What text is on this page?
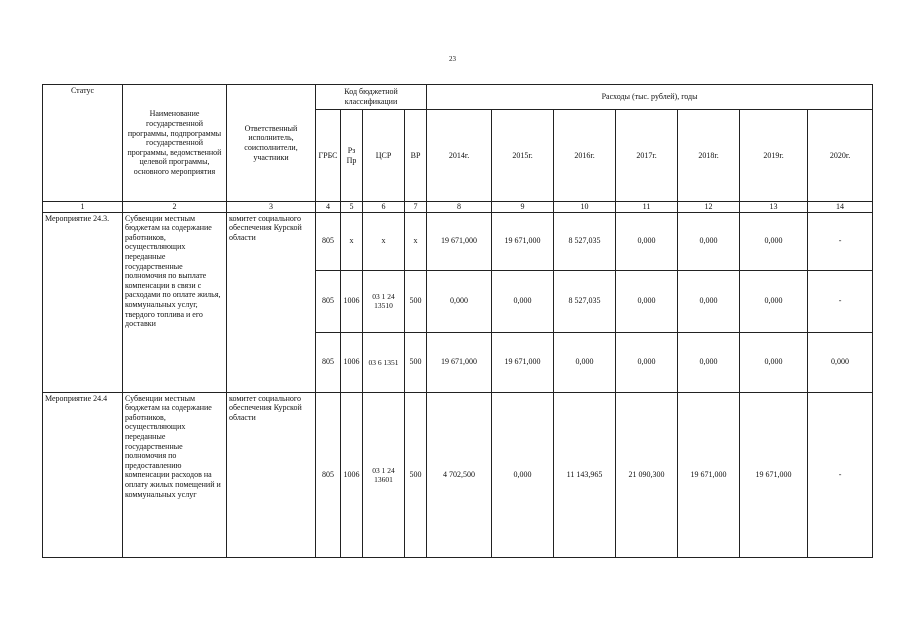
23
Статус	Наименование государственной программы, подпрограммы государственной программы, ведомственной целевой программы, основного мероприятия	Ответственный исполнитель, соисполнители, участники	Код бюджетной классификации				Расходы (тыс. рублей), годы						
			ГРБС	Рз Пр	ЦСР	ВР	2014г.	2015г.	2016г.	2017г.	2018г.	2019г.	2020г.
1	2	3	4	5	6	7	8	9	10	11	12	13	14
Мероприятие 24.3.	Субвенции местным бюджетам на содержание работников, осуществляющих переданные государственные полномочия по выплате компенсации в связи с расходами по оплате жилья, коммунальных услуг, твердого топлива и его доставки	комитет социального обеспечения Курской области	805	х	х	х	19 671,000	19 671,000	8 527,035	0,000	0,000	0,000	-
			805	1006	03 1 24 13510	500	0,000	0,000	8 527,035	0,000	0,000	0,000	-
			805	1006	03 6 1351	500	19 671,000	19 671,000	0,000	0,000	0,000	0,000	0,000
Мероприятие 24.4	Субвенции местным бюджетам на содержание работников, осуществляющих переданные государственные полномочия по предоставлению компенсации расходов на оплату жилых помещений и коммунальных услуг	комитет социального обеспечения Курской области	805	1006	03 1 24 13601	500	4 702,500	0,000	11 143,965	21 090,300	19 671,000	19 671,000	-
